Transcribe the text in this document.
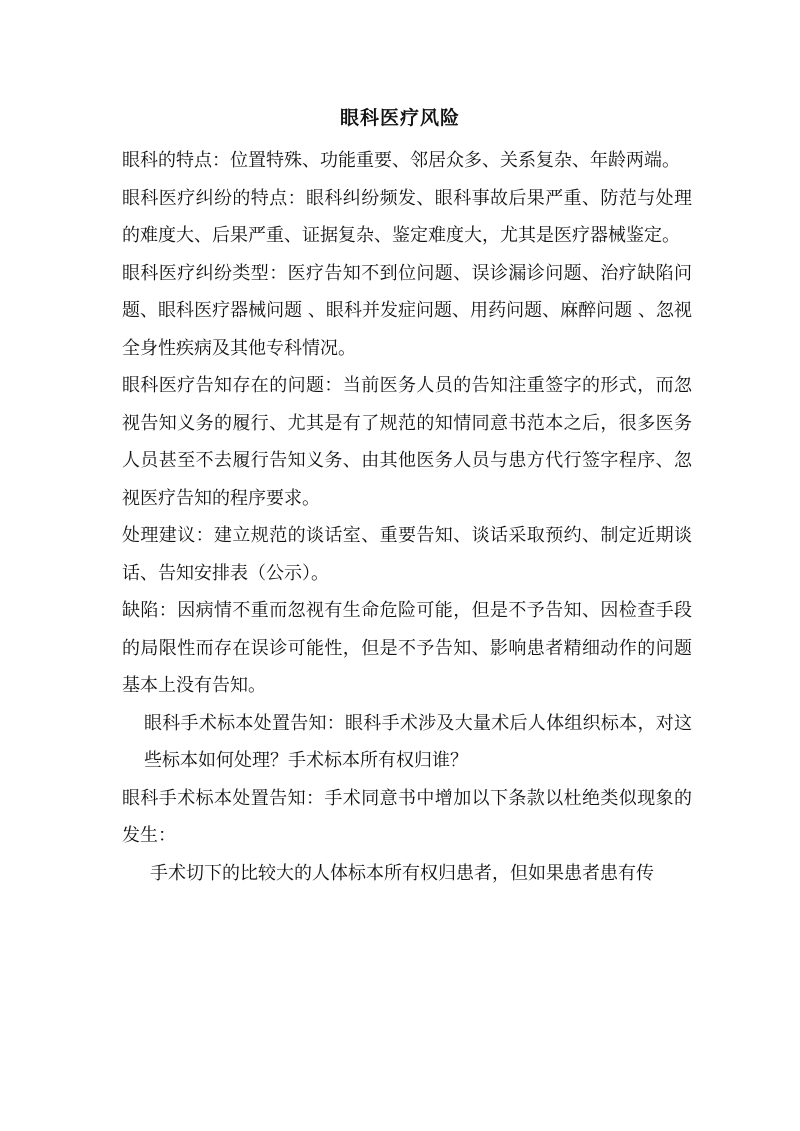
眼科医疗风险

眼科的特点：位置特殊、功能重要、邻居众多、关系复杂、年龄两端。

眼科医疗纠纷的特点：眼科纠纷频发、眼科事故后果严重、防范与处理的难度大、后果严重、证据复杂、鉴定难度大，尤其是医疗器械鉴定。

眼科医疗纠纷类型：医疗告知不到位问题、误诊漏诊问题、治疗缺陷问题、眼科医疗器械问题 、眼科并发症问题、用药问题、麻醉问题 、忽视全身性疾病及其他专科情况。

眼科医疗告知存在的问题：当前医务人员的告知注重签字的形式，而忽视告知义务的履行、尤其是有了规范的知情同意书范本之后，很多医务人员甚至不去履行告知义务、由其他医务人员与患方代行签字程序、忽视医疗告知的程序要求。

处理建议：建立规范的谈话室、重要告知、谈话采取预约、制定近期谈话、告知安排表（公示）。

缺陷：因病情不重而忽视有生命危险可能，但是不予告知、因检查手段的局限性而存在误诊可能性，但是不予告知、影响患者精细动作的问题基本上没有告知。

眼科手术标本处置告知：眼科手术涉及大量术后人体组织标本，对这些标本如何处理？手术标本所有权归谁？

眼科手术标本处置告知：手术同意书中增加以下条款以杜绝类似现象的发生：

手术切下的比较大的人体标本所有权归患者，但如果患者患有传
